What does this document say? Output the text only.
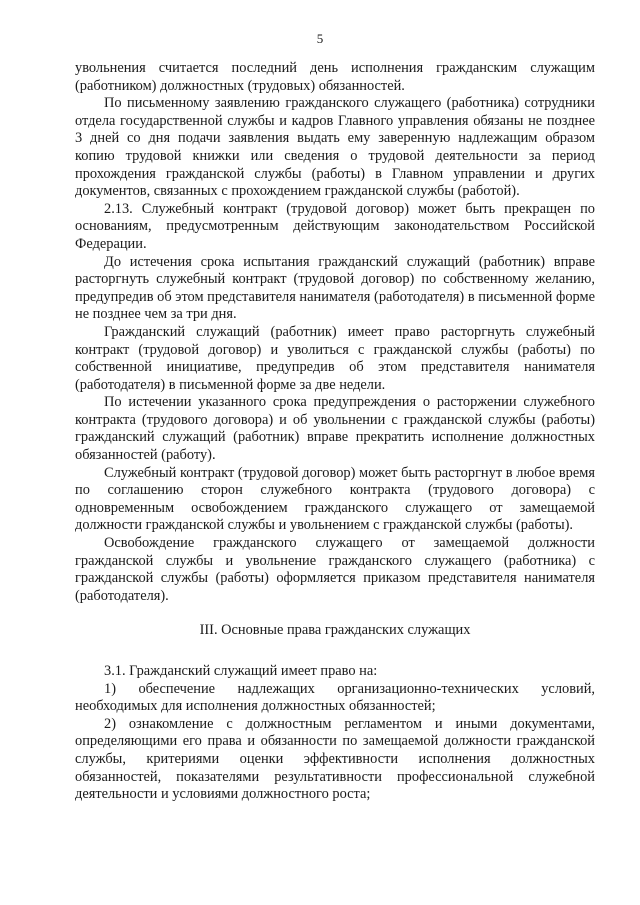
5

увольнения считается последний день исполнения гражданским служащим (работником) должностных (трудовых) обязанностей.

По письменному заявлению гражданского служащего (работника) сотрудники отдела государственной службы и кадров Главного управления обязаны не позднее 3 дней со дня подачи заявления выдать ему заверенную надлежащим образом копию трудовой книжки или сведения о трудовой деятельности за период прохождения гражданской службы (работы) в Главном управлении и других документов, связанных с прохождением гражданской службы (работой).

2.13. Служебный контракт (трудовой договор) может быть прекращен по основаниям, предусмотренным действующим законодательством Российской Федерации.

До истечения срока испытания гражданский служащий (работник) вправе расторгнуть служебный контракт (трудовой договор) по собственному желанию, предупредив об этом представителя нанимателя (работодателя) в письменной форме не позднее чем за три дня.

Гражданский служащий (работник) имеет право расторгнуть служебный контракт (трудовой договор) и уволиться с гражданской службы (работы) по собственной инициативе, предупредив об этом представителя нанимателя (работодателя) в письменной форме за две недели.

По истечении указанного срока предупреждения о расторжении служебного контракта (трудового договора) и об увольнении с гражданской службы (работы) гражданский служащий (работник) вправе прекратить исполнение должностных обязанностей (работу).

Служебный контракт (трудовой договор) может быть расторгнут в любое время по соглашению сторон служебного контракта (трудового договора) с одновременным освобождением гражданского служащего от замещаемой должности гражданской службы и увольнением с гражданской службы (работы).

Освобождение гражданского служащего от замещаемой должности гражданской службы и увольнение гражданского служащего (работника) с гражданской службы (работы) оформляется приказом представителя нанимателя (работодателя).

III. Основные права гражданских служащих

3.1. Гражданский служащий имеет право на:

1) обеспечение надлежащих организационно-технических условий, необходимых для исполнения должностных обязанностей;

2) ознакомление с должностным регламентом и иными документами, определяющими его права и обязанности по замещаемой должности гражданской службы, критериями оценки эффективности исполнения должностных обязанностей, показателями результативности профессиональной служебной деятельности и условиями должностного роста;
